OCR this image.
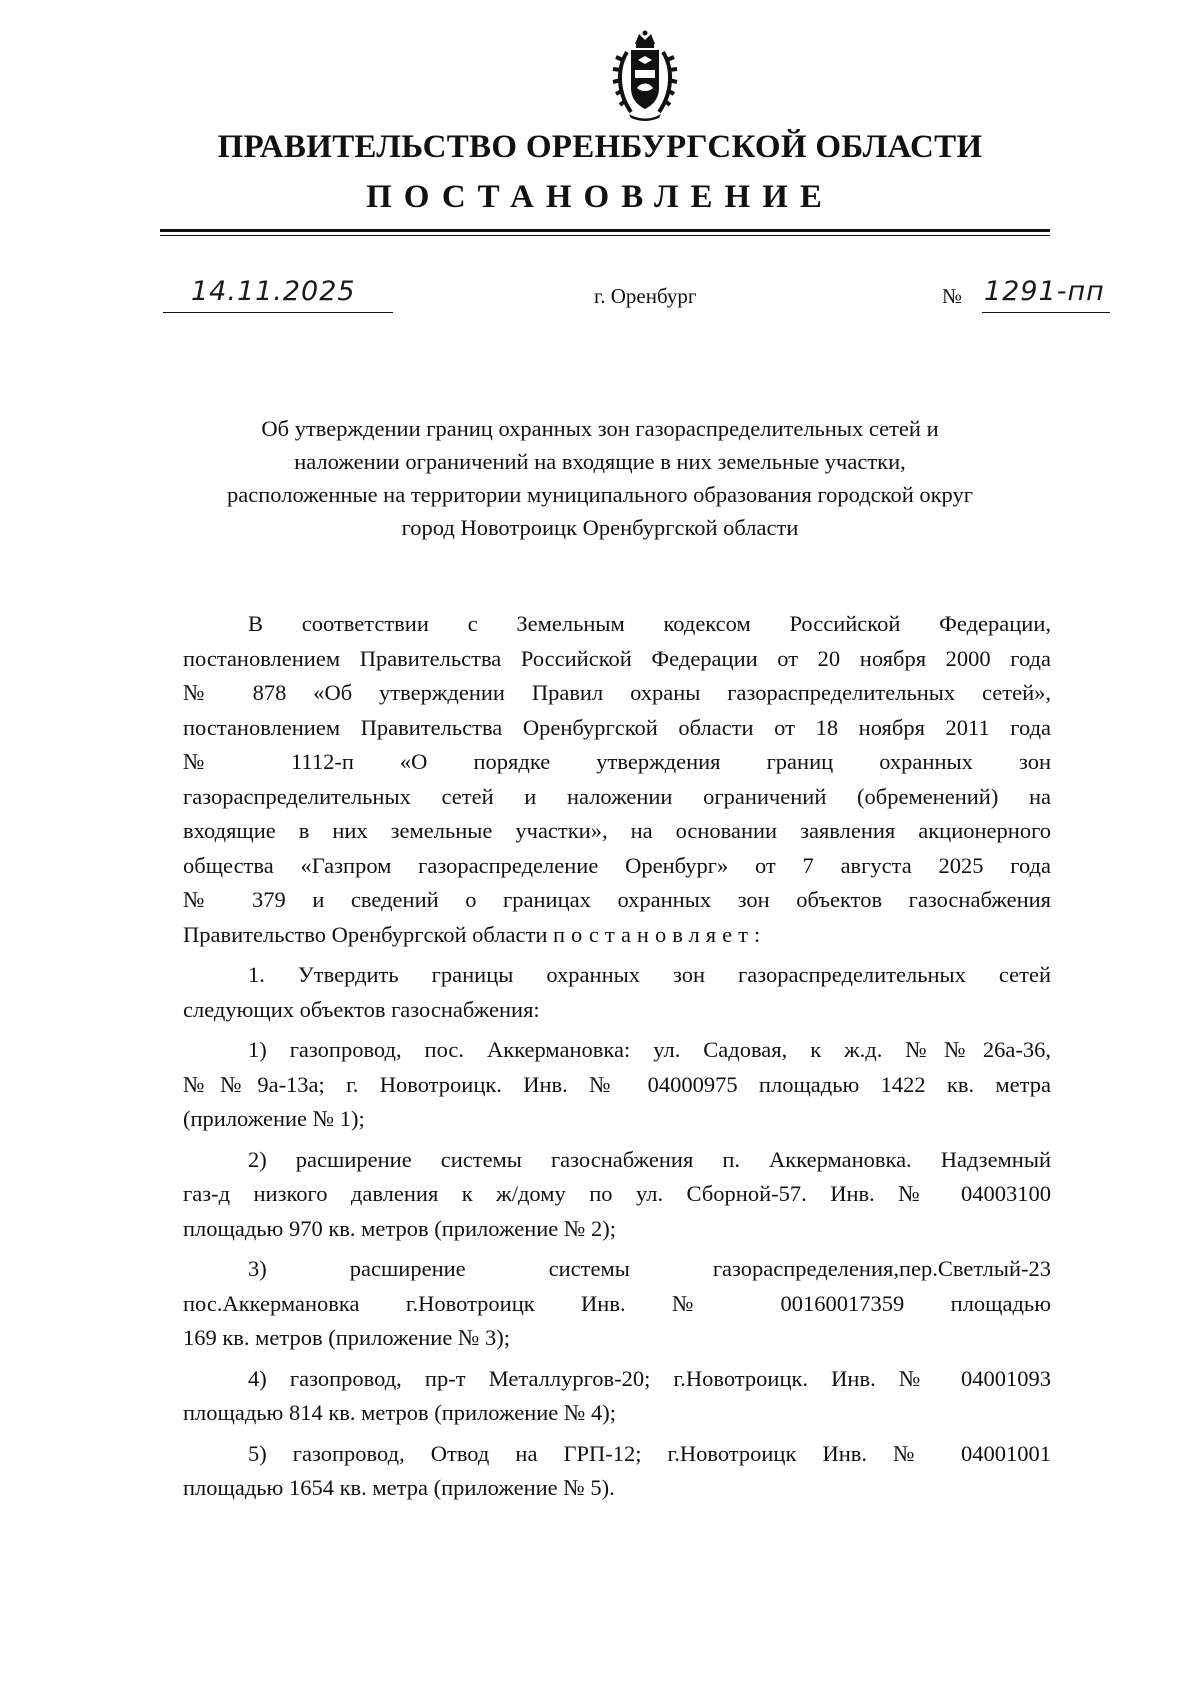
ПРАВИТЕЛЬСТВО ОРЕНБУРГСКОЙ ОБЛАСТИ
ПОСТАНОВЛЕНИЕ
14.11.2025	г. Оренбург	№ 1291-пп
Об утверждении границ охранных зон газораспределительных сетей и
наложении ограничений на входящие в них земельные участки,
расположенные на территории муниципального образования городской округ
город Новотроицк Оренбургской области
В соответствии с Земельным кодексом Российской Федерации,
постановлением Правительства Российской Федерации от 20 ноября 2000 года
№ 878 «Об утверждении Правил охраны газораспределительных сетей»,
постановлением Правительства Оренбургской области от 18 ноября 2011 года
№ 1112-п «О порядке утверждения границ охранных зон
газораспределительных сетей и наложении ограничений (обременений) на
входящие в них земельные участки», на основании заявления акционерного
общества «Газпром газораспределение Оренбург» от 7 августа 2025 года
№ 379 и сведений о границах охранных зон объектов газоснабжения
Правительство Оренбургской области постановляет:
1. Утвердить границы охранных зон газораспределительных сетей
следующих объектов газоснабжения:
1) газопровод, пос. Аккермановка: ул. Садовая, к ж.д. №№26а-36,
№№9а-13а; г. Новотроицк. Инв. № 04000975 площадью 1422 кв. метра
(приложение № 1);
2) расширение системы газоснабжения п. Аккермановка. Надземный
газ-д низкого давления к ж/дому по ул. Сборной-57. Инв. № 04003100
площадью 970 кв. метров (приложение № 2);
3) расширение системы газораспределения,пер.Светлый-23
пос.Аккермановка г.Новотроицк Инв. № 00160017359 площадью
169 кв. метров (приложение № 3);
4) газопровод, пр-т Металлургов-20; г.Новотроицк. Инв. № 04001093
площадью 814 кв. метров (приложение № 4);
5) газопровод, Отвод на ГРП-12; г.Новотроицк Инв. № 04001001
площадью 1654 кв. метра (приложение № 5).
